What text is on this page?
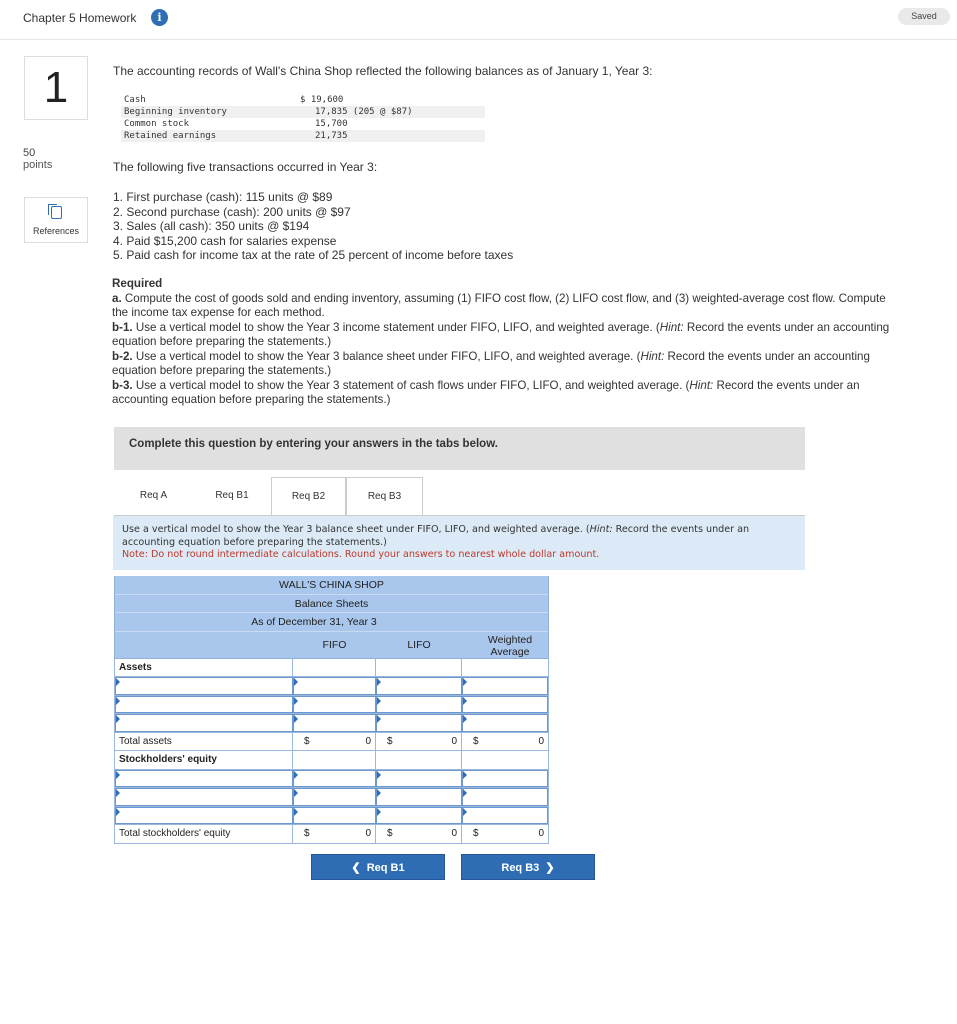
Chapter 5 Homework	i	Saved
1
50
points
References
The accounting records of Wall's China Shop reflected the following balances as of January 1, Year 3:
Cash	$ 19,600
Beginning inventory	17,835 (205 @ $87)
Common stock	15,700
Retained earnings	21,735
The following five transactions occurred in Year 3:
1. First purchase (cash): 115 units @ $89
2. Second purchase (cash): 200 units @ $97
3. Sales (all cash): 350 units @ $194
4. Paid $15,200 cash for salaries expense
5. Paid cash for income tax at the rate of 25 percent of income before taxes
Required
a. Compute the cost of goods sold and ending inventory, assuming (1) FIFO cost flow, (2) LIFO cost flow, and (3) weighted-average cost flow. Compute the income tax expense for each method.
b-1. Use a vertical model to show the Year 3 income statement under FIFO, LIFO, and weighted average. (Hint: Record the events under an accounting equation before preparing the statements.)
b-2. Use a vertical model to show the Year 3 balance sheet under FIFO, LIFO, and weighted average. (Hint: Record the events under an accounting equation before preparing the statements.)
b-3. Use a vertical model to show the Year 3 statement of cash flows under FIFO, LIFO, and weighted average. (Hint: Record the events under an accounting equation before preparing the statements.)
Complete this question by entering your answers in the tabs below.
Req A	Req B1	Req B2	Req B3
Use a vertical model to show the Year 3 balance sheet under FIFO, LIFO, and weighted average. (Hint: Record the events under an accounting equation before preparing the statements.)
Note: Do not round intermediate calculations. Round your answers to nearest whole dollar amount.
WALL'S CHINA SHOP
Balance Sheets
As of December 31, Year 3
FIFO	LIFO	Weighted Average
Assets
Total assets	$	0 $	0 $	0
Stockholders' equity
Total stockholders' equity	$	0 $	0 $	0
❮ Req B1	Req B3 ❯
